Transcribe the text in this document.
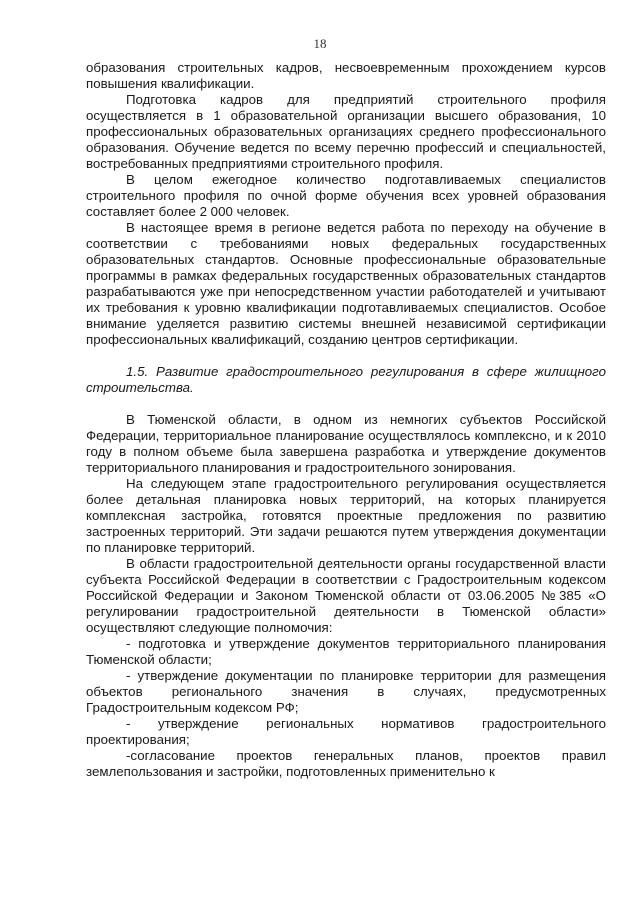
18

образования строительных кадров, несвоевременным прохождением курсов повышения квалификации.

Подготовка кадров для предприятий строительного профиля осуществляется в 1 образовательной организации высшего образования, 10 профессиональных образовательных организациях среднего профессионального образования. Обучение ведется по всему перечню профессий и специальностей, востребованных предприятиями строительного профиля.

В целом ежегодное количество подготавливаемых специалистов строительного профиля по очной форме обучения всех уровней образования составляет более 2 000 человек.

В настоящее время в регионе ведется работа по переходу на обучение в соответствии с требованиями новых федеральных государственных образовательных стандартов. Основные профессиональные образовательные программы в рамках федеральных государственных образовательных стандартов разрабатываются уже при непосредственном участии работодателей и учитывают их требования к уровню квалификации подготавливаемых специалистов. Особое внимание уделяется развитию системы внешней независимой сертификации профессиональных квалификаций, созданию центров сертификации.

1.5. Развитие градостроительного регулирования в сфере жилищного строительства.

В Тюменской области, в одном из немногих субъектов Российской Федерации, территориальное планирование осуществлялось комплексно, и к 2010 году в полном объеме была завершена разработка и утверждение документов территориального планирования и градостроительного зонирования.

На следующем этапе градостроительного регулирования осуществляется более детальная планировка новых территорий, на которых планируется комплексная застройка, готовятся проектные предложения по развитию застроенных территорий. Эти задачи решаются путем утверждения документации по планировке территорий.

В области градостроительной деятельности органы государственной власти субъекта Российской Федерации в соответствии с Градостроительным кодексом Российской Федерации и Законом Тюменской области от 03.06.2005 №385 «О регулировании градостроительной деятельности в Тюменской области» осуществляют следующие полномочия:

- подготовка и утверждение документов территориального планирования Тюменской области;

- утверждение документации по планировке территории для размещения объектов регионального значения в случаях, предусмотренных Градостроительным кодексом РФ;

- утверждение региональных нормативов градостроительного проектирования;

-согласование проектов генеральных планов, проектов правил землепользования и застройки, подготовленных применительно к
